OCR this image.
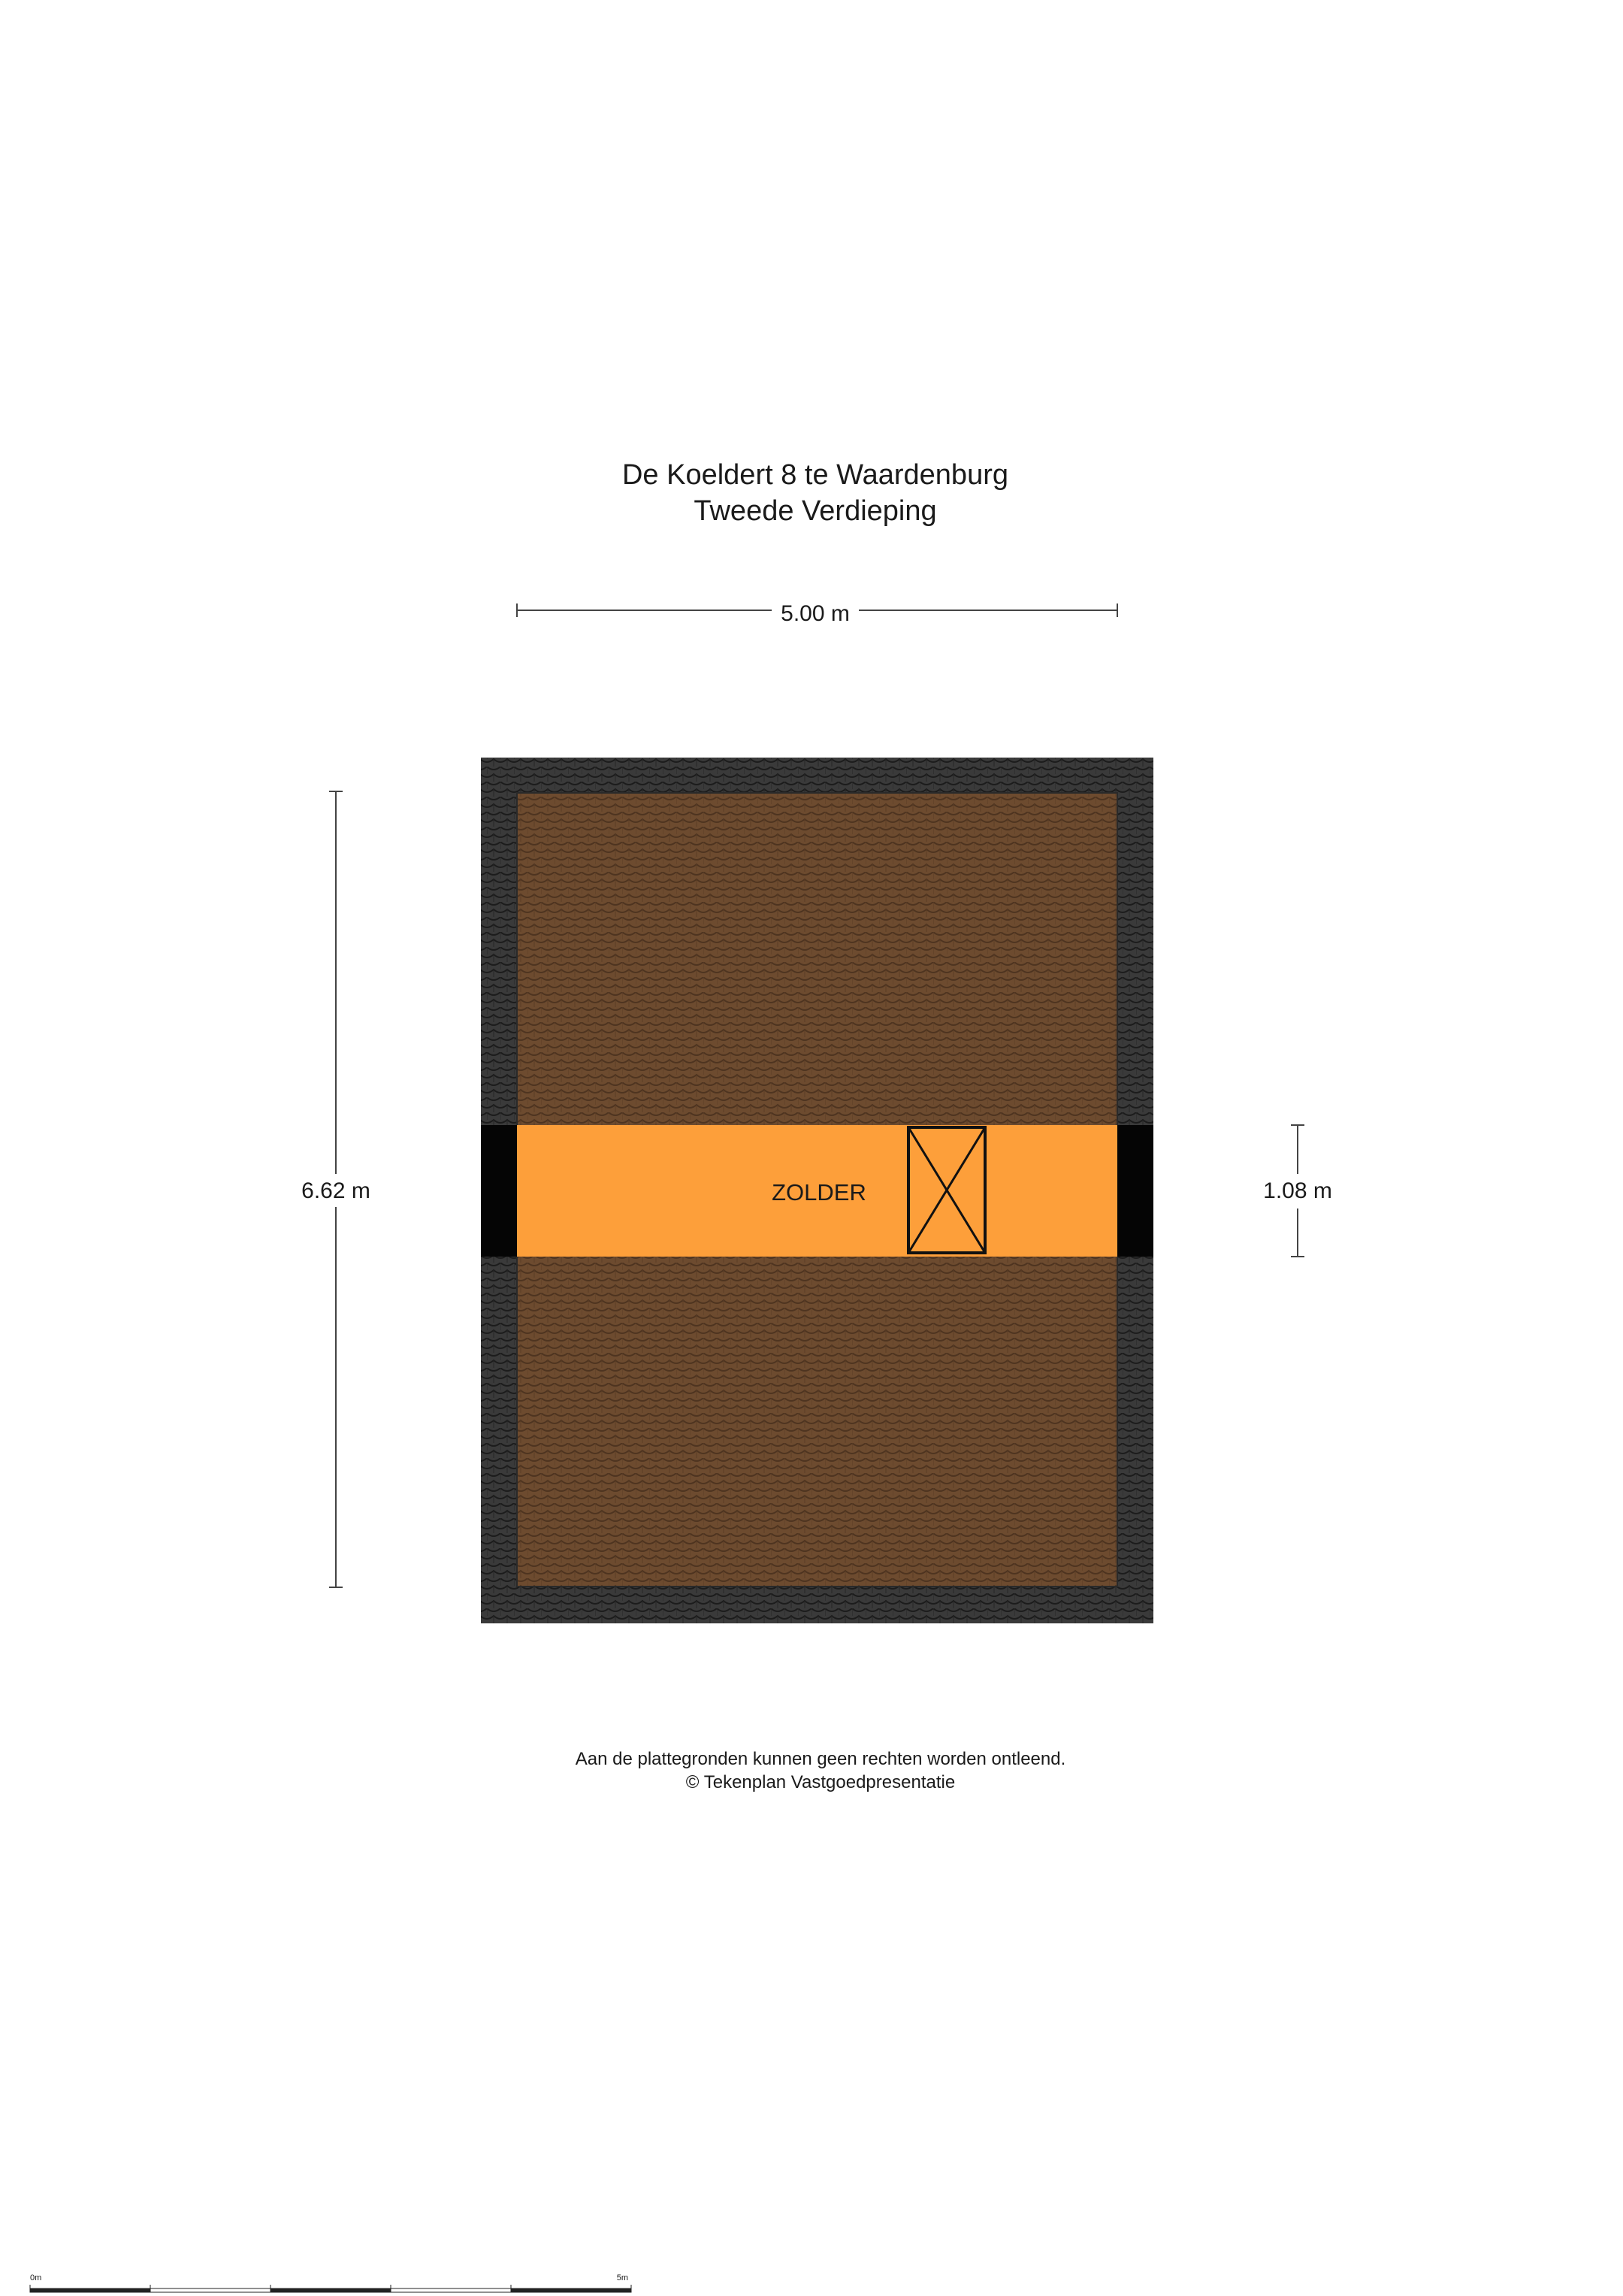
De Koeldert 8 te Waardenburg
Tweede Verdieping
5.00 m
6.62 m	1.08 m
ZOLDER
Aan de plattegronden kunnen geen rechten worden ontleend.
© Tekenplan Vastgoedpresentatie
0m	5m
